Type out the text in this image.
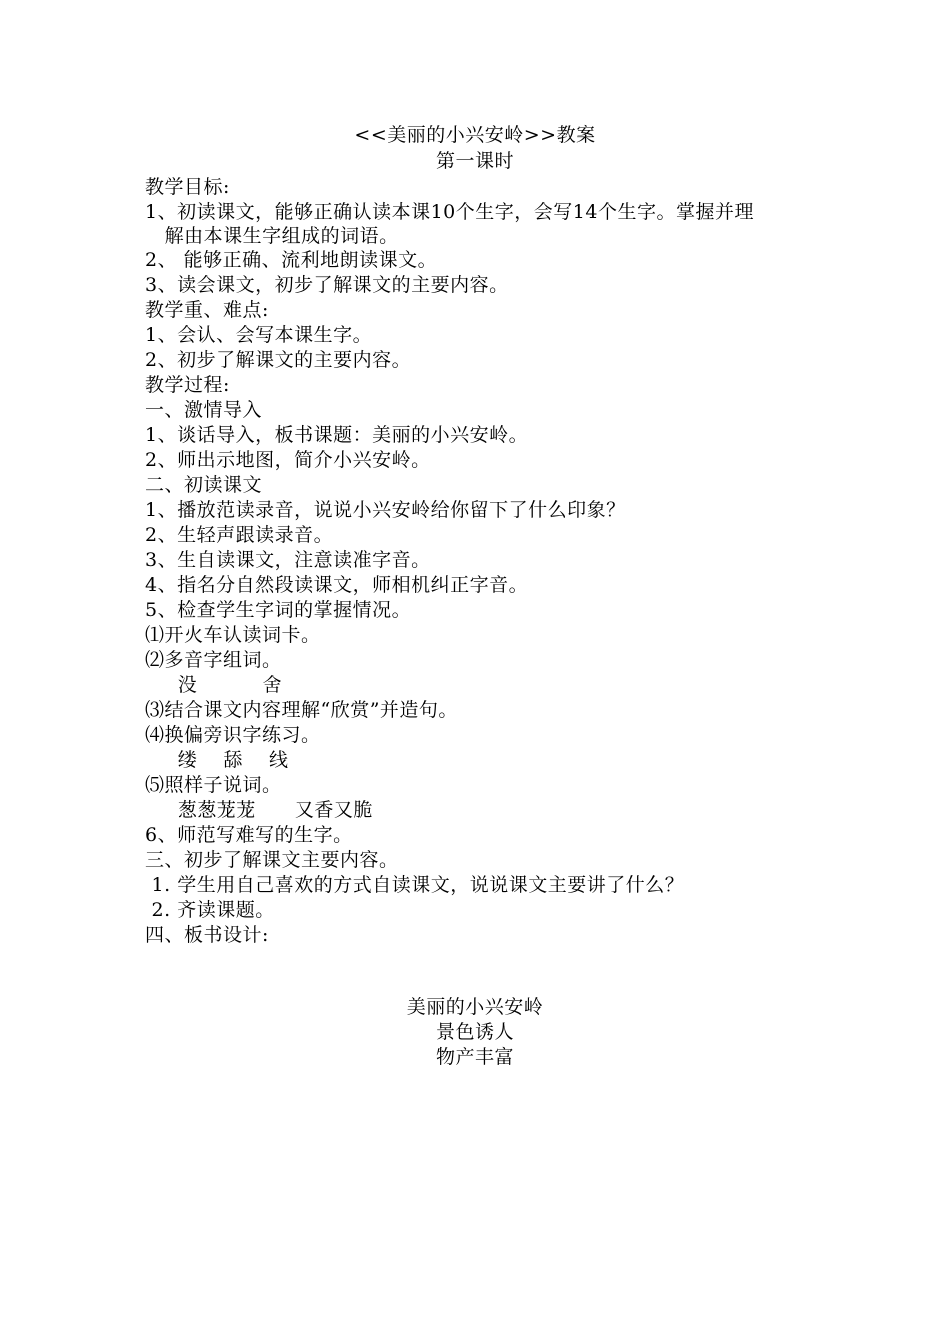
<<美丽的小兴安岭>>教案
第一课时
教学目标:
1、初读课文，能够正确认读本课10个生字，会写14个生字。掌握并理
解由本课生字组成的词语。
2、 能够正确、流利地朗读课文。
3、读会课文，初步了解课文的主要内容。
教学重、难点:
1、会认、会写本课生字。
2、初步了解课文的主要内容。
教学过程:
一、激情导入
1、谈话导入，板书课题：美丽的小兴安岭。
2、师出示地图，简介小兴安岭。
二、初读课文
1、播放范读录音，说说小兴安岭给你留下了什么印象？
2、生轻声跟读录音。
3、生自读课文，注意读准字音。
4、指名分自然段读课文，师相机纠正字音。
5、检查学生字词的掌握情况。
⑴开火车认读词卡。
⑵多音字组词。
没          舍
⑶结合课文内容理解“欣赏”并造句。
⑷换偏旁识字练习。
缕    舔    线
⑸照样子说词。
葱葱茏茏      又香又脆
6、师范写难写的生字。
三、初步了解课文主要内容。
1. 学生用自己喜欢的方式自读课文，说说课文主要讲了什么？
2. 齐读课题。
四、板书设计:
美丽的小兴安岭
景色诱人
物产丰富
